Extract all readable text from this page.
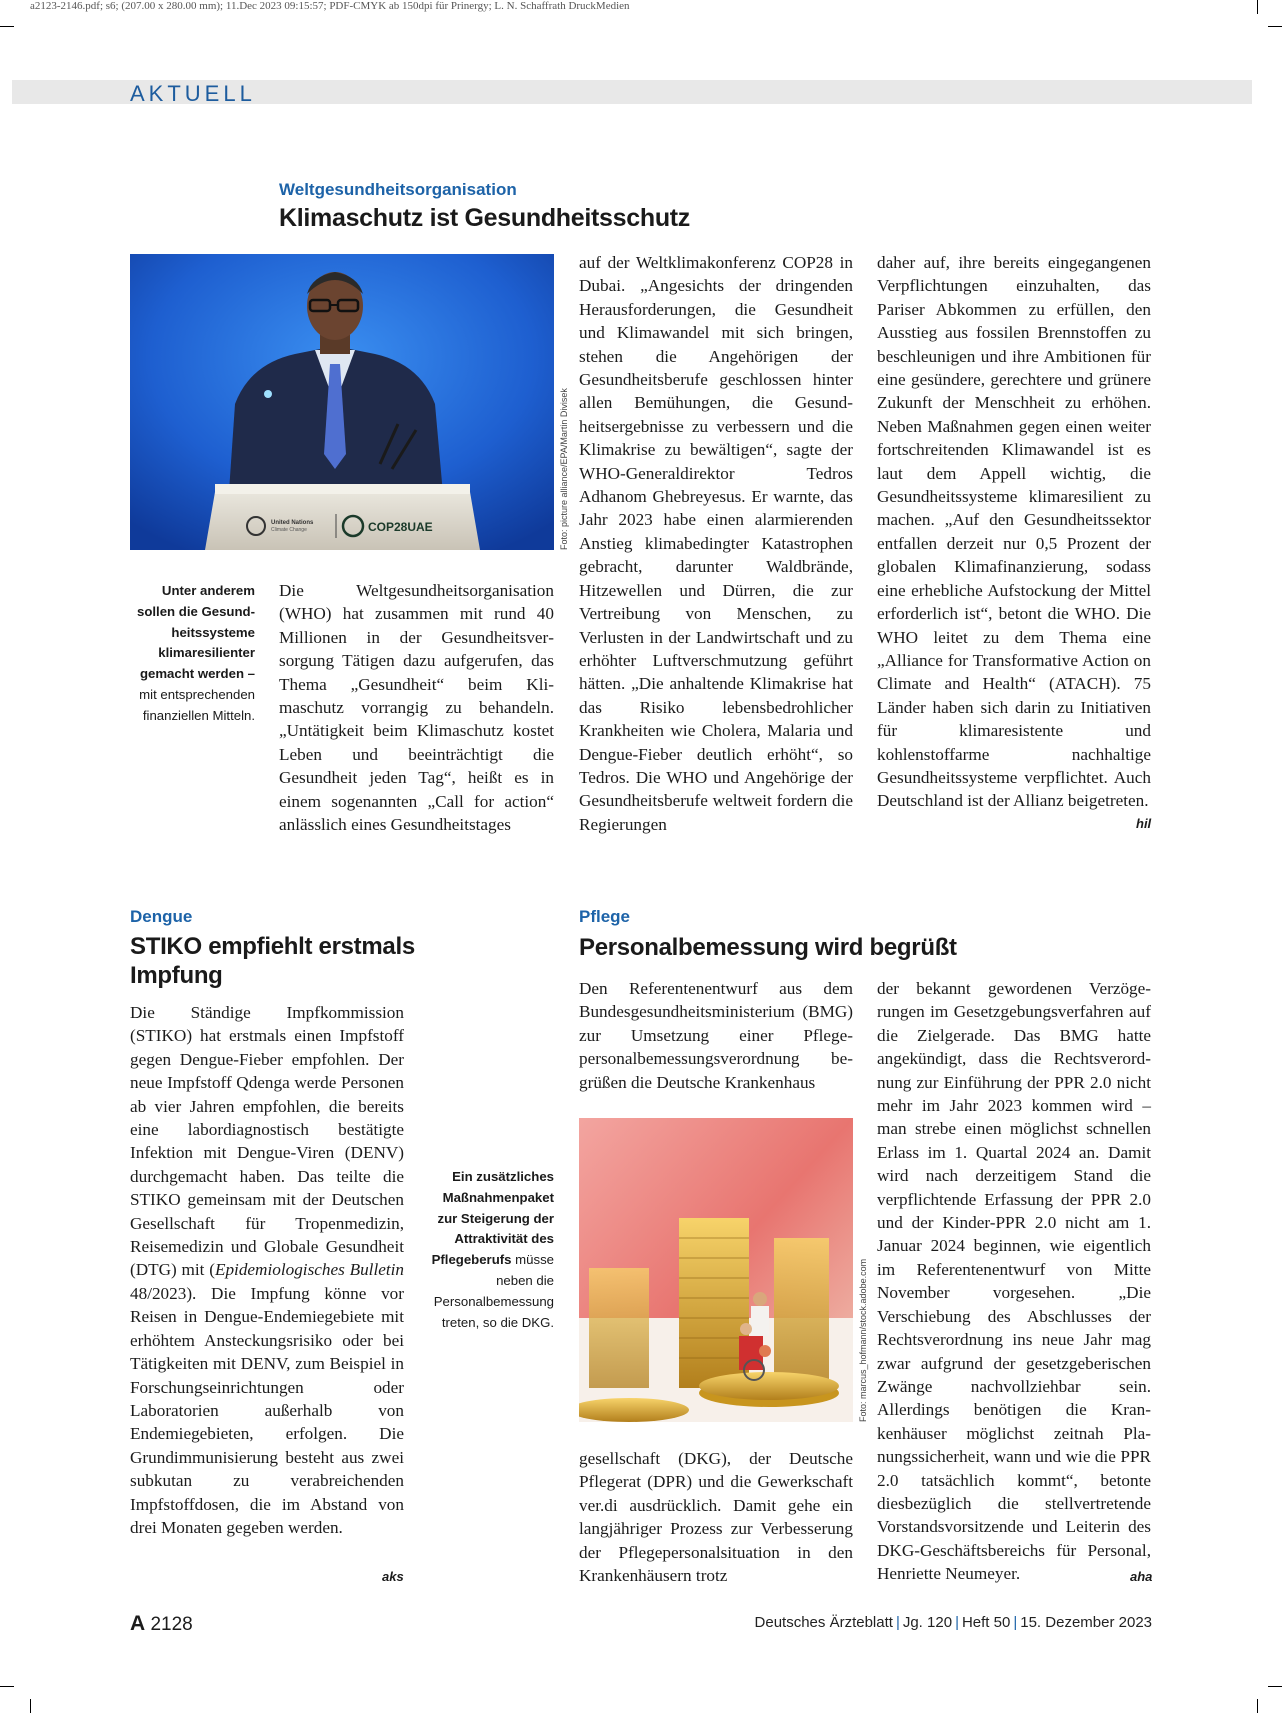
a2123-2146.pdf; s6; (207.00 x 280.00 mm); 11.Dec 2023 09:15:57; PDF-CMYK ab 150dpi für Prinergy; L. N. Schaffrath DruckMedien
AKTUELL
Weltgesundheitsorganisation
Klimaschutz ist Gesundheitsschutz
United Nations
Climate Change	COP28UAE	Foto: picture alliance/EPA/Martin Divisek
Unter anderem sollen die Gesundheitssysteme klimaresilienter gemacht werden – mit entsprechenden finanziellen Mitteln.
Die Weltgesundheitsorganisation (WHO) hat zusammen mit rund 40 Millionen in der Gesundheitsversorgung Tätigen dazu aufgerufen, das Thema „Gesundheit“ beim Klimaschutz vorrangig zu behandeln. „Untätigkeit beim Klimaschutz kostet Leben und beeinträchtigt die Gesundheit jeden Tag“, heißt es in einem sogenannten „Call for action“ anlässlich eines Gesundheitstages
auf der Weltklimakonferenz COP28 in Dubai. „Angesichts der dringenden Herausforderungen, die Gesundheit und Klimawandel mit sich bringen, stehen die Angehörigen der Gesundheitsberufe geschlossen hinter allen Bemühungen, die Gesundheitsergebnisse zu verbessern und die Klimakrise zu bewältigen“, sagte der WHO-Generaldirektor Tedros Adhanom Ghebreyesus. Er warnte, das Jahr 2023 habe einen alarmierenden Anstieg klimabedingter Katastrophen gebracht, darunter Waldbrände, Hitzewellen und Dürren, die zur Vertreibung von Menschen, zu Verlusten in der Landwirtschaft und zu erhöhter Luftverschmutzung geführt hätten. „Die anhaltende Klimakrise hat das Risiko lebensbedrohlicher Krankheiten wie Cholera, Malaria und Dengue-Fieber deutlich erhöht“, so Tedros. Die WHO und Angehörige der Gesundheitsberufe weltweit fordern die Regierungen
daher auf, ihre bereits eingegangenen Verpflichtungen einzuhalten, das Pariser Abkommen zu erfüllen, den Ausstieg aus fossilen Brennstoffen zu beschleunigen und ihre Ambitionen für eine gesündere, gerechtere und grünere Zukunft der Menschheit zu erhöhen. Neben Maßnahmen gegen einen weiter fortschreitenden Klimawandel ist es laut dem Appell wichtig, die Gesundheitssysteme klimaresilient zu machen. „Auf den Gesundheitssektor entfallen derzeit nur 0,5 Prozent der globalen Klimafinanzierung, sodass eine erhebliche Aufstockung der Mittel erforderlich ist“, betont die WHO. Die WHO leitet zu dem Thema eine „Alliance for Transformative Action on Climate and Health“ (ATACH). 75 Länder haben sich darin zu Initiativen für klimaresistente und kohlenstoffarme nachhaltige Gesundheitssysteme verpflichtet. Auch Deutschland ist der Allianz beigetreten.
hil
Dengue
STIKO empfiehlt erstmals
Impfung
Die Ständige Impfkommission (STIKO) hat erstmals einen Impfstoff gegen Dengue-Fieber empfohlen. Der neue Impfstoff Qdenga werde Personen ab vier Jahren empfohlen, die bereits eine labordiagnostisch bestätigte Infektion mit Dengue-Viren (DENV) durchgemacht haben. Das teilte die STIKO gemeinsam mit der Deutschen Gesellschaft für Tropenmedizin, Reisemedizin und Globale Gesundheit (DTG) mit (Epidemiologisches Bulletin 48/2023). Die Impfung könne vor Reisen in Dengue-Endemiegebiete mit erhöhtem Ansteckungsrisiko oder bei Tätigkeiten mit DENV, zum Beispiel in Forschungseinrichtungen oder Laboratorien außerhalb von Endemiegebieten, erfolgen. Die Grundimmunisierung besteht aus zwei subkutan zu verabreichenden Impfstoffdosen, die im Abstand von drei Monaten gegeben werden.
aks
Pflege
Personalbemessung wird begrüßt
Den Referentenentwurf aus dem Bundesgesundheitsministerium (BMG) zur Umsetzung einer Pflegepersonalbemessungsverordnung begrüßen die Deutsche Krankenhaus
Foto: marcus_hofmann/stock.adobe.com
Ein zusätzliches Maßnahmenpaket zur Steigerung der Attraktivität des Pflegeberufs müsse neben die Personalbemessung treten, so die DKG.
gesellschaft (DKG), der Deutsche Pflegerat (DPR) und die Gewerkschaft ver.di ausdrücklich. Damit gehe ein langjähriger Prozess zur Verbesserung der Pflegepersonalsituation in den Krankenhäusern trotz
der bekannt gewordenen Verzögerungen im Gesetzgebungsverfahren auf die Zielgerade. Das BMG hatte angekündigt, dass die Rechtsverordnung zur Einführung der PPR 2.0 nicht mehr im Jahr 2023 kommen wird – man strebe einen möglichst schnellen Erlass im 1. Quartal 2024 an. Damit wird nach derzeitigem Stand die verpflichtende Erfassung der PPR 2.0 und der Kinder-PPR 2.0 nicht am 1. Januar 2024 beginnen, wie eigentlich im Referentenentwurf von Mitte November vorgesehen. „Die Verschiebung des Abschlusses der Rechtsverordnung ins neue Jahr mag zwar aufgrund der gesetzgeberischen Zwänge nachvollziehbar sein. Allerdings benötigen die Krankenhäuser möglichst zeitnah Planungssicherheit, wann und wie die PPR 2.0 tatsächlich kommt“, betonte diesbezüglich die stellvertretende Vorstandsvorsitzende und Leiterin des DKG-Geschäftsbereichs für Personal, Henriette Neumeyer.	aha
A 2128	Deutsches Ärzteblatt | Jg. 120 | Heft 50 | 15. Dezember 2023
